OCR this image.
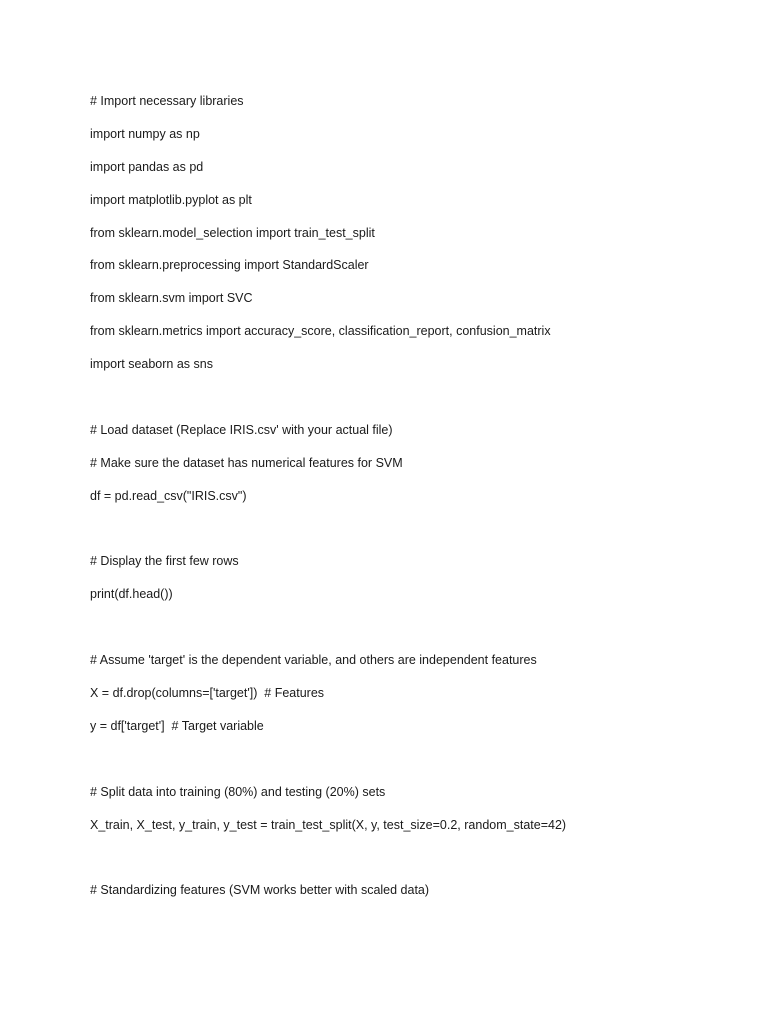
# Import necessary libraries
import numpy as np
import pandas as pd
import matplotlib.pyplot as plt
from sklearn.model_selection import train_test_split
from sklearn.preprocessing import StandardScaler
from sklearn.svm import SVC
from sklearn.metrics import accuracy_score, classification_report, confusion_matrix
import seaborn as sns
# Load dataset (Replace IRIS.csv' with your actual file)
# Make sure the dataset has numerical features for SVM
df = pd.read_csv("IRIS.csv")
# Display the first few rows
print(df.head())
# Assume 'target' is the dependent variable, and others are independent features
X = df.drop(columns=['target'])  # Features
y = df['target']  # Target variable
# Split data into training (80%) and testing (20%) sets
X_train, X_test, y_train, y_test = train_test_split(X, y, test_size=0.2, random_state=42)
# Standardizing features (SVM works better with scaled data)
